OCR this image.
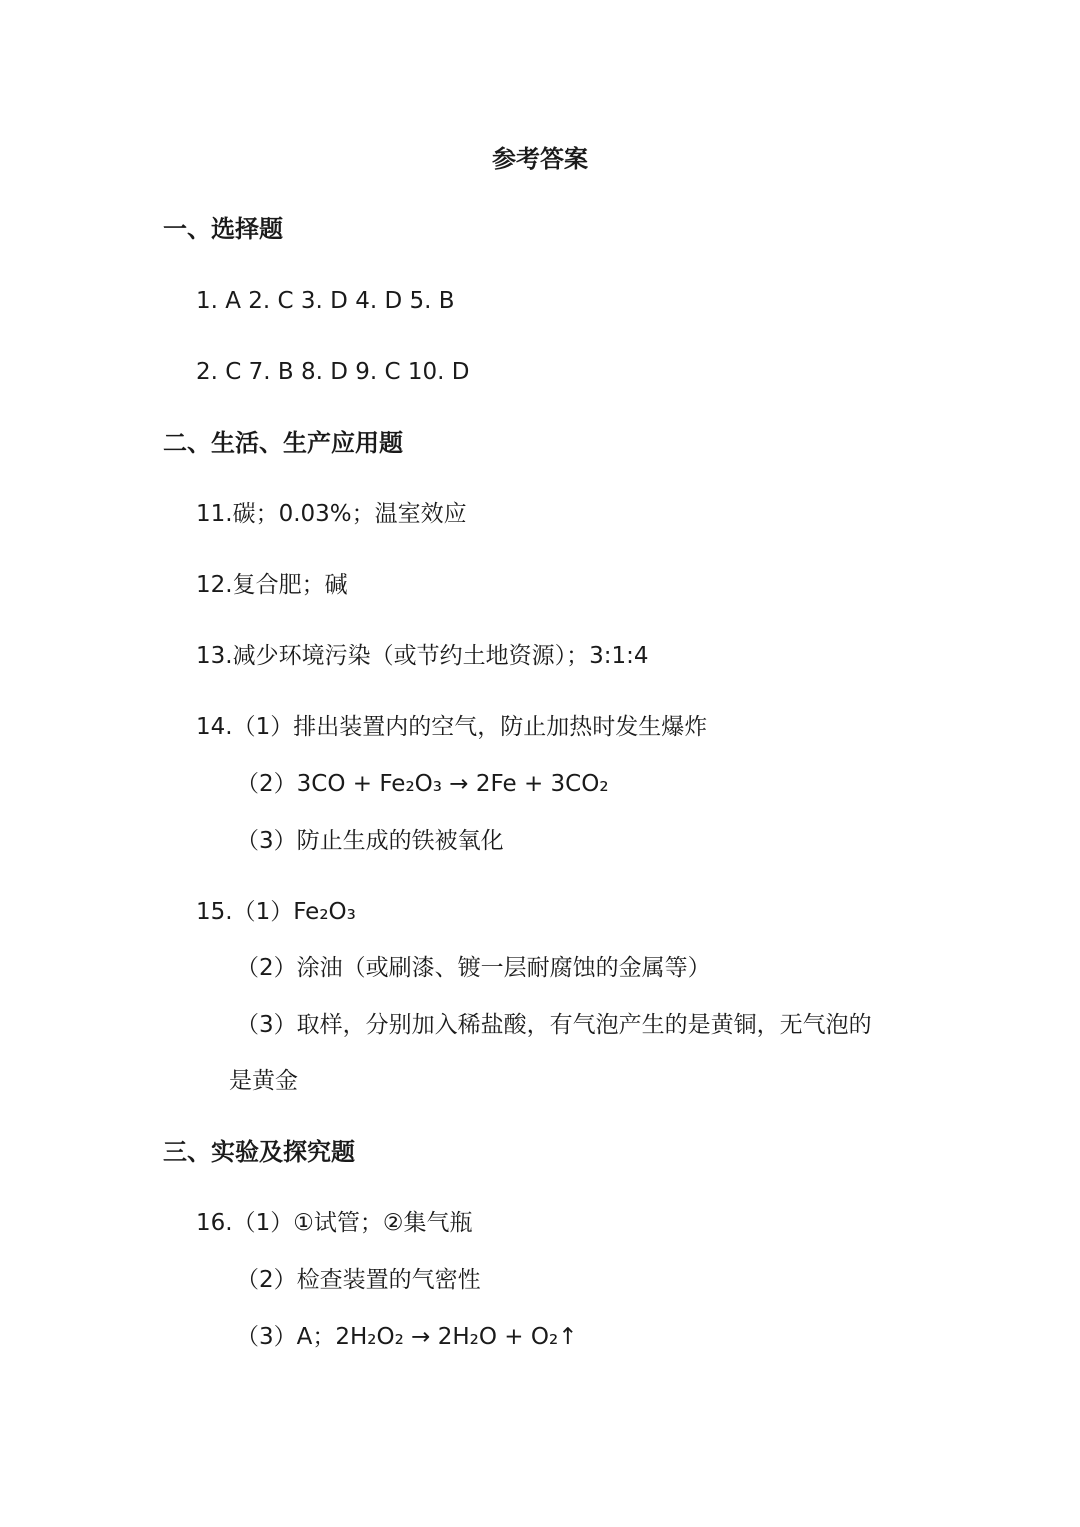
参考答案
一、选择题
1. A 2. C 3. D 4. D 5. B
2. C 7. B 8. D 9. C 10. D
二、生活、生产应用题
11.碳；0.03%；温室效应
12.复合肥；碱
13.减少环境污染（或节约土地资源）；3:1:4
14.（1）排出装置内的空气，防止加热时发生爆炸
（2）3CO + Fe₂O₃ → 2Fe + 3CO₂
（3）防止生成的铁被氧化
15.（1）Fe₂O₃
（2）涂油（或刷漆、镀一层耐腐蚀的金属等）
（3）取样，分别加入稀盐酸，有气泡产生的是黄铜，无气泡的
是黄金
三、实验及探究题
16.（1）①试管；②集气瓶
（2）检查装置的气密性
（3）A；2H₂O₂ → 2H₂O + O₂↑
